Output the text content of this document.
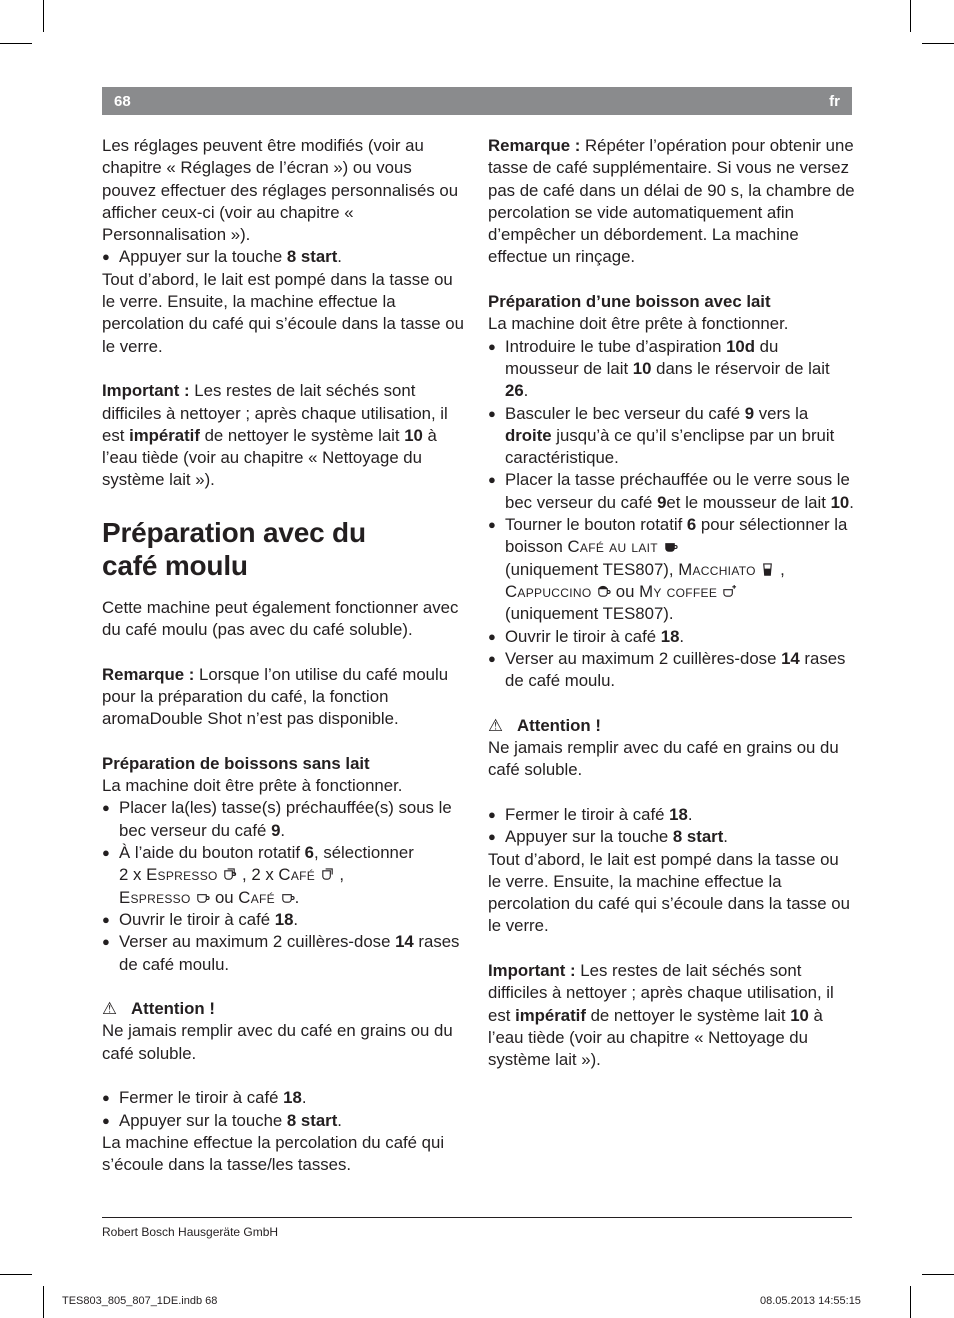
68	fr

Les réglages peuvent être modifiés (voir au chapitre « Réglages de l’écran ») ou vous pouvez effectuer des réglages personnalisés ou afficher ceux-ci (voir au chapitre « Personnalisation »).

● Appuyer sur la touche 8 start.

Tout d’abord, le lait est pompé dans la tasse ou le verre. Ensuite, la machine effectue la percolation du café qui s’écoule dans la tasse ou le verre.

Important : Les restes de lait séchés sont difficiles à nettoyer ; après chaque utilisation, il est impératif de nettoyer le système lait 10 à l’eau tiède (voir au chapitre « Nettoyage du système lait »).

Préparation avec du
café moulu

Cette machine peut également fonctionner avec du café moulu (pas avec du café soluble).

Remarque : Lorsque l’on utilise du café moulu pour la préparation du café, la fonction aromaDouble Shot n’est pas disponible.

Préparation de boissons sans lait

La machine doit être prête à fonctionner.

● Placer la(les) tasse(s) préchauffée(s) sous le bec verseur du café 9.

● À l’aide du bouton rotatif 6, sélectionner
2 x Espresso  , 2 x Café  ,
Espresso  ou Café .

● Ouvrir le tiroir à café 18.

● Verser au maximum 2 cuillères-dose 14 rases de café moulu.

⚠ Attention !

Ne jamais remplir avec du café en grains ou du café soluble.

● Fermer le tiroir à café 18.

● Appuyer sur la touche 8 start.

La machine effectue la percolation du café qui s’écoule dans la tasse/les tasses.

Remarque : Répéter l’opération pour obtenir une tasse de café supplémentaire. Si vous ne versez pas de café dans un délai de 90 s, la chambre de percolation se vide automatiquement afin d’empêcher un débordement. La machine effectue un rinçage.

Préparation d’une boisson avec lait

La machine doit être prête à fonctionner.

● Introduire le tube d’aspiration 10d du mousseur de lait 10 dans le réservoir de lait 26.

● Basculer le bec verseur du café 9 vers la droite jusqu’à ce qu’il s’enclipse par un bruit caractéristique.

● Placer la tasse préchauffée ou le verre sous le bec verseur du café 9et le mousseur de lait 10.

● Tourner le bouton rotatif 6 pour sélectionner la boisson Café au lait
(uniquement TES807), Macchiato  ,
Cappuccino  ou My coffee
(uniquement TES807).

● Ouvrir le tiroir à café 18.

● Verser au maximum 2 cuillères-dose 14 rases de café moulu.

⚠ Attention !

Ne jamais remplir avec du café en grains ou du café soluble.

● Fermer le tiroir à café 18.

● Appuyer sur la touche 8 start.

Tout d’abord, le lait est pompé dans la tasse ou le verre. Ensuite, la machine effectue la percolation du café qui s’écoule dans la tasse ou le verre.

Important : Les restes de lait séchés sont difficiles à nettoyer ; après chaque utilisation, il est impératif de nettoyer le système lait 10 à l’eau tiède (voir au chapitre « Nettoyage du système lait »).

Robert Bosch Hausgeräte GmbH
TES803_805_807_1DE.indb 68	08.05.2013 14:55:15
